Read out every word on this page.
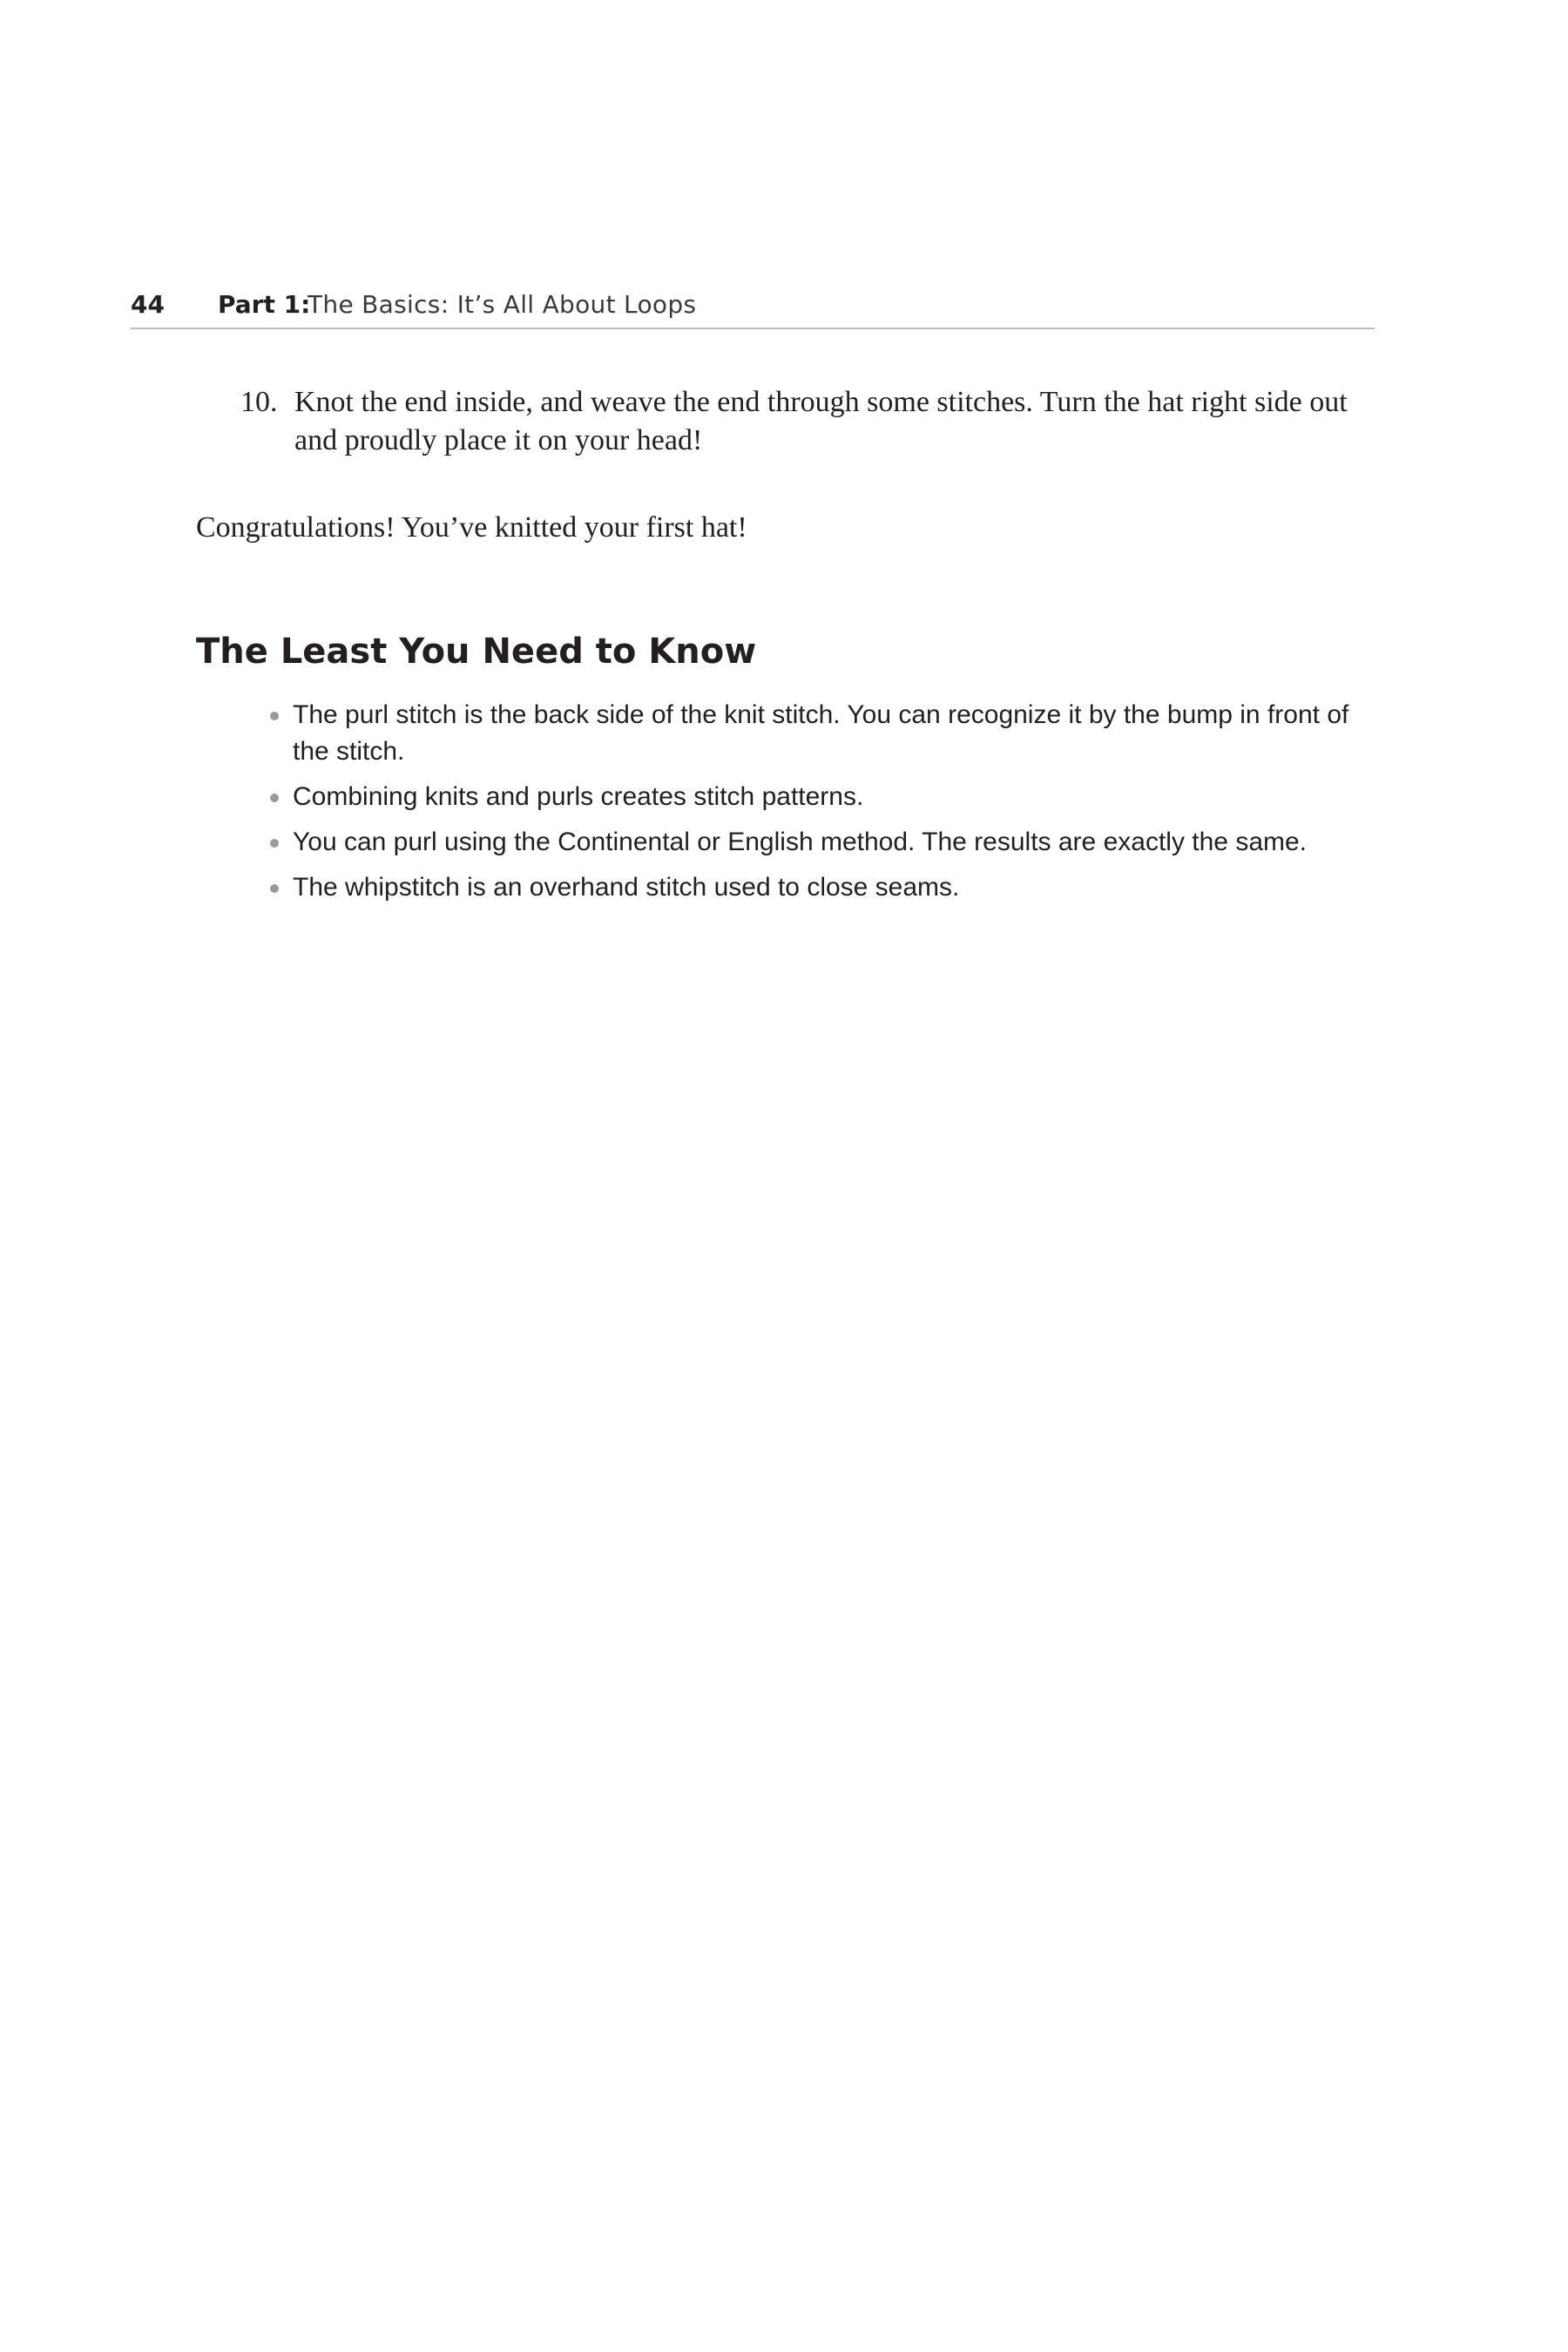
44 Part 1:
The Basics: It’s All About Loops
10. Knot the end inside, and weave the end through some stitches. Turn the hat right side out and proudly place it on your head!

Congratulations! You’ve knitted your first hat!

The Least You Need to Know
The purl stitch is the back side of the knit stitch. You can recognize it by the bump in front of the stitch.
Combining knits and purls creates stitch patterns.
You can purl using the Continental or English method. The results are exactly the same.
The whipstitch is an overhand stitch used to close seams.
